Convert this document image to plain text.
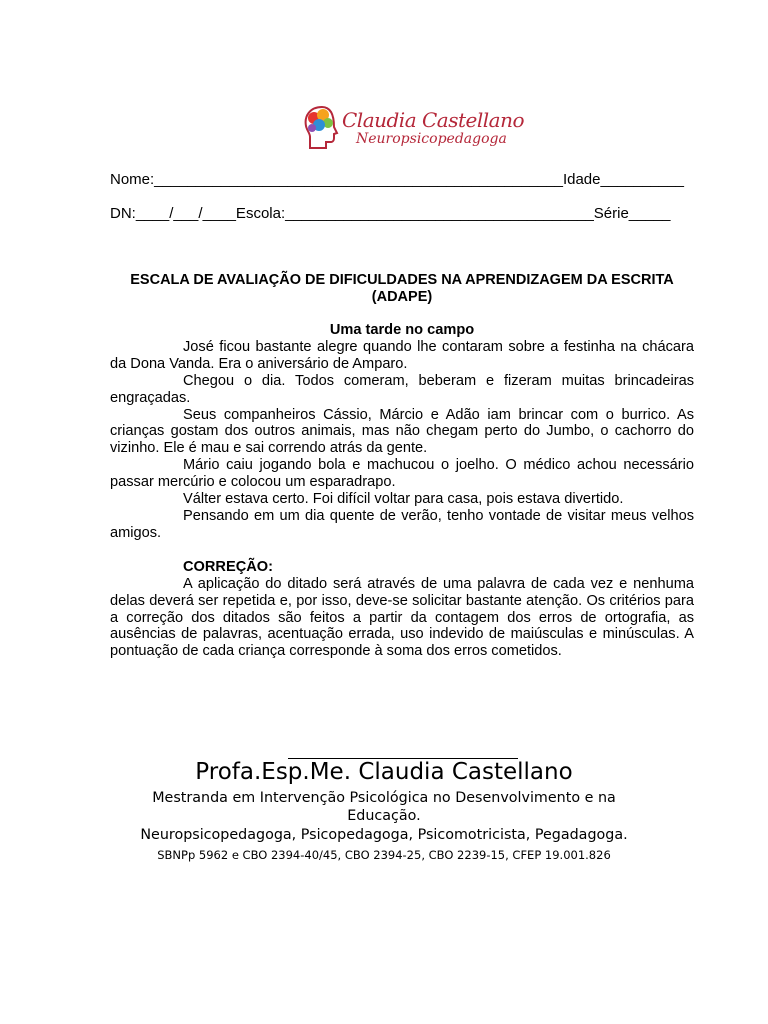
Claudia Castellano
Neuropsicopedagoga
Nome:_________________________________________________Idade__________
DN:____/___/____Escola:_____________________________________Série_____
ESCALA DE AVALIAÇÃO DE DIFICULDADES NA APRENDIZAGEM DA ESCRITA (ADAPE)
Uma tarde no campo

José ficou bastante alegre quando lhe contaram sobre a festinha na chácara da Dona Vanda. Era o aniversário de Amparo.

Chegou o dia. Todos comeram, beberam e fizeram muitas brincadeiras engraçadas.

Seus companheiros Cássio, Márcio e Adão iam brincar com o burrico. As crianças gostam dos outros animais, mas não chegam perto do Jumbo, o cachorro do vizinho. Ele é mau e sai correndo atrás da gente.

Mário caiu jogando bola e machucou o joelho. O médico achou necessário passar mercúrio e colocou um esparadrapo.

Válter estava certo. Foi difícil voltar para casa, pois estava divertido.

Pensando em um dia quente de verão, tenho vontade de visitar meus velhos amigos.

CORREÇÃO:

A aplicação do ditado será através de uma palavra de cada vez e nenhuma delas deverá ser repetida e, por isso, deve-se solicitar bastante atenção. Os critérios para a correção dos ditados são feitos a partir da contagem dos erros de ortografia, as ausências de palavras, acentuação errada, uso indevido de maiúsculas e minúsculas. A pontuação de cada criança corresponde à soma dos erros cometidos.

Profa.Esp.Me. Claudia Castellano
Mestranda em Intervenção Psicológica no Desenvolvimento e na
Educação.
Neuropsicopedagoga, Psicopedagoga, Psicomotricista, Pegadagoga.
SBNPp 5962 e CBO 2394-40/45, CBO 2394-25, CBO 2239-15, CFEP 19.001.826
